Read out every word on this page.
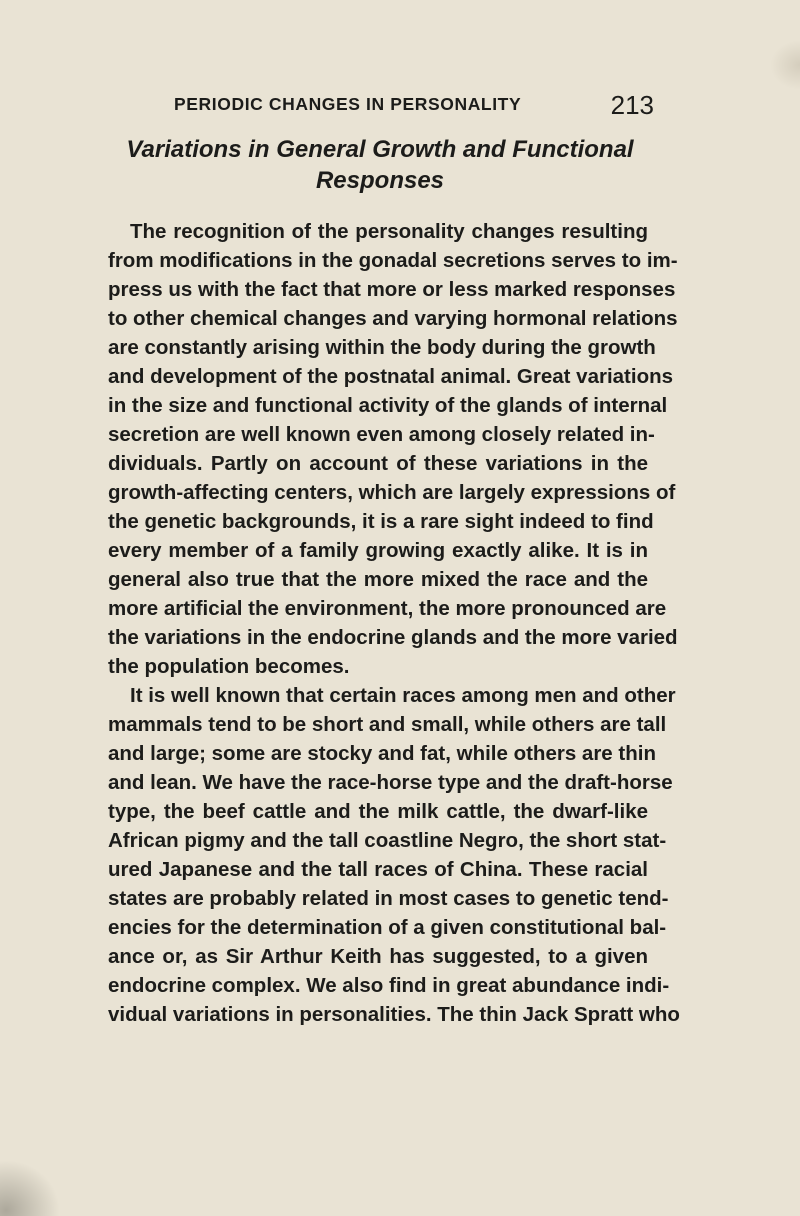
PERIODIC CHANGES IN PERSONALITY	213
Variations in General Growth and Functional
Responses
The recognition of the personality changes resulting
from modifications in the gonadal secretions serves to im-
press us with the fact that more or less marked responses
to other chemical changes and varying hormonal relations
are constantly arising within the body during the growth
and development of the postnatal animal. Great variations
in the size and functional activity of the glands of internal
secretion are well known even among closely related in-
dividuals. Partly on account of these variations in the
growth-affecting centers, which are largely expressions of
the genetic backgrounds, it is a rare sight indeed to find
every member of a family growing exactly alike. It is in
general also true that the more mixed the race and the
more artificial the environment, the more pronounced are
the variations in the endocrine glands and the more varied
the population becomes.
It is well known that certain races among men and other
mammals tend to be short and small, while others are tall
and large; some are stocky and fat, while others are thin
and lean. We have the race-horse type and the draft-horse
type, the beef cattle and the milk cattle, the dwarf-like
African pigmy and the tall coastline Negro, the short stat-
ured Japanese and the tall races of China. These racial
states are probably related in most cases to genetic tend-
encies for the determination of a given constitutional bal-
ance or, as Sir Arthur Keith has suggested, to a given
endocrine complex. We also find in great abundance indi-
vidual variations in personalities. The thin Jack Spratt who
